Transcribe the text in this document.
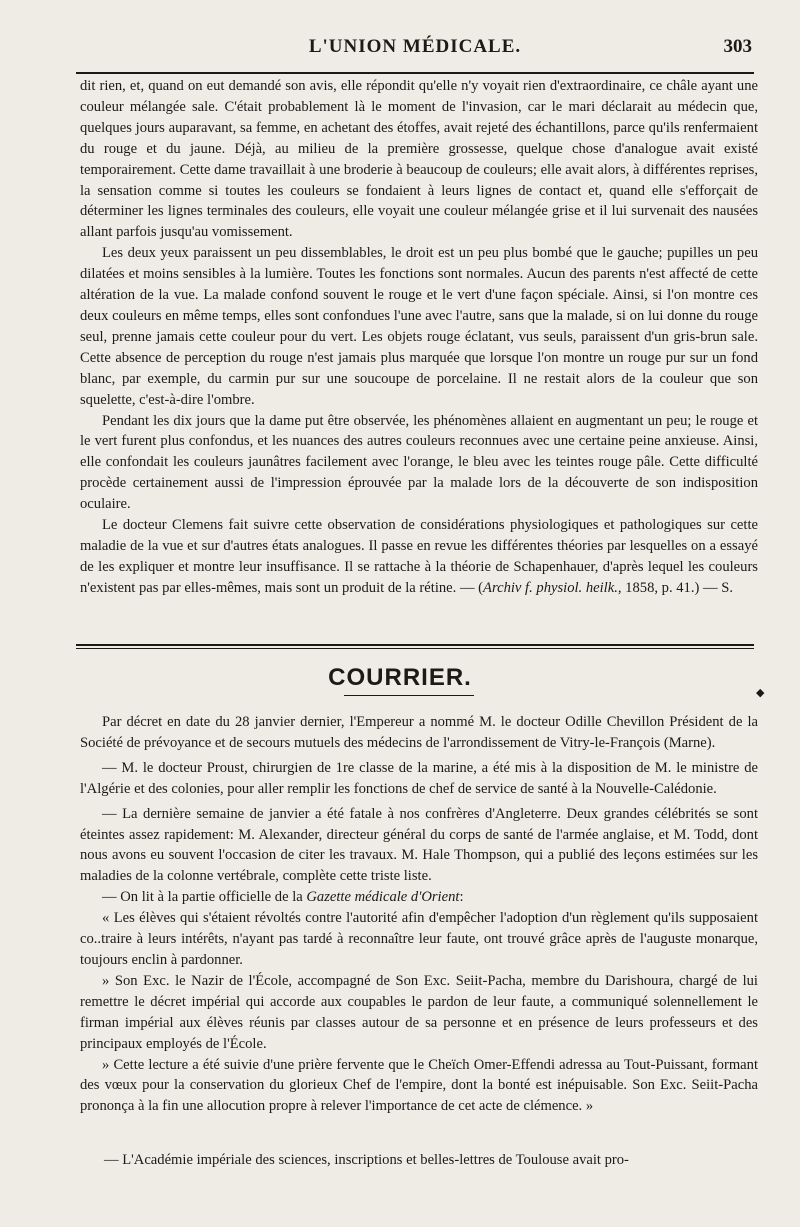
L'UNION MÉDICALE.	303

dit rien, et, quand on eut demandé son avis, elle répondit qu'elle n'y voyait rien d'extraordinaire, ce châle ayant une couleur mélangée sale. C'était probablement là le moment de l'invasion, car le mari déclarait au médecin que, quelques jours auparavant, sa femme, en achetant des étoffes, avait rejeté des échantillons, parce qu'ils renfermaient du rouge et du jaune. Déjà, au milieu de la première grossesse, quelque chose d'analogue avait existé temporairement. Cette dame travaillait à une broderie à beaucoup de couleurs; elle avait alors, à différentes reprises, la sensation comme si toutes les couleurs se fondaient à leurs lignes de contact et, quand elle s'efforçait de déterminer les lignes terminales des couleurs, elle voyait une couleur mélangée grise et il lui survenait des nausées allant parfois jusqu'au vomissement.

Les deux yeux paraissent un peu dissemblables, le droit est un peu plus bombé que le gauche; pupilles un peu dilatées et moins sensibles à la lumière. Toutes les fonctions sont normales. Aucun des parents n'est affecté de cette altération de la vue. La malade confond souvent le rouge et le vert d'une façon spéciale. Ainsi, si l'on montre ces deux couleurs en même temps, elles sont confondues l'une avec l'autre, sans que la malade, si on lui donne du rouge seul, prenne jamais cette couleur pour du vert. Les objets rouge éclatant, vus seuls, paraissent d'un gris-brun sale. Cette absence de perception du rouge n'est jamais plus marquée que lorsque l'on montre un rouge pur sur un fond blanc, par exemple, du carmin pur sur une soucoupe de porcelaine. Il ne restait alors de la couleur que son squelette, c'est-à-dire l'ombre.

Pendant les dix jours que la dame put être observée, les phénomènes allaient en augmentant un peu; le rouge et le vert furent plus confondus, et les nuances des autres couleurs reconnues avec une certaine peine anxieuse. Ainsi, elle confondait les couleurs jaunâtres facilement avec l'orange, le bleu avec les teintes rouge pâle. Cette difficulté procède certainement aussi de l'impression éprouvée par la malade lors de la découverte de son indisposition oculaire.

Le docteur Clemens fait suivre cette observation de considérations physiologiques et pathologiques sur cette maladie de la vue et sur d'autres états analogues. Il passe en revue les différentes théories par lesquelles on a essayé de les expliquer et montre leur insuffisance. Il se rattache à la théorie de Schapenhauer, d'après lequel les couleurs n'existent pas par elles-mêmes, mais sont un produit de la rétine. — (Archiv f. physiol. heilk., 1858, p. 41.) — S.

COURRIER.
◆

Par décret en date du 28 janvier dernier, l'Empereur a nommé M. le docteur Odille Chevillon Président de la Société de prévoyance et de secours mutuels des médecins de l'arrondissement de Vitry-le-François (Marne).

— M. le docteur Proust, chirurgien de 1re classe de la marine, a été mis à la disposition de M. le ministre de l'Algérie et des colonies, pour aller remplir les fonctions de chef de service de santé à la Nouvelle-Calédonie.

— La dernière semaine de janvier a été fatale à nos confrères d'Angleterre. Deux grandes célébrités se sont éteintes assez rapidement: M. Alexander, directeur général du corps de santé de l'armée anglaise, et M. Todd, dont nous avons eu souvent l'occasion de citer les travaux. M. Hale Thompson, qui a publié des leçons estimées sur les maladies de la colonne vertébrale, complète cette triste liste.

— On lit à la partie officielle de la Gazette médicale d'Orient:

« Les élèves qui s'étaient révoltés contre l'autorité afin d'empêcher l'adoption d'un règlement qu'ils supposaient co..traire à leurs intérêts, n'ayant pas tardé à reconnaître leur faute, ont trouvé grâce après de l'auguste monarque, toujours enclin à pardonner.

» Son Exc. le Nazir de l'École, accompagné de Son Exc. Seiit-Pacha, membre du Darishoura, chargé de lui remettre le décret impérial qui accorde aux coupables le pardon de leur faute, a communiqué solennellement le firman impérial aux élèves réunis par classes autour de sa personne et en présence de leurs professeurs et des principaux employés de l'École.

» Cette lecture a été suivie d'une prière fervente que le Cheïch Omer-Effendi adressa au Tout-Puissant, formant des vœux pour la conservation du glorieux Chef de l'empire, dont la bonté est inépuisable. Son Exc. Seiit-Pacha prononça à la fin une allocution propre à relever l'importance de cet acte de clémence. »

— L'Académie impériale des sciences, inscriptions et belles-lettres de Toulouse avait pro-
